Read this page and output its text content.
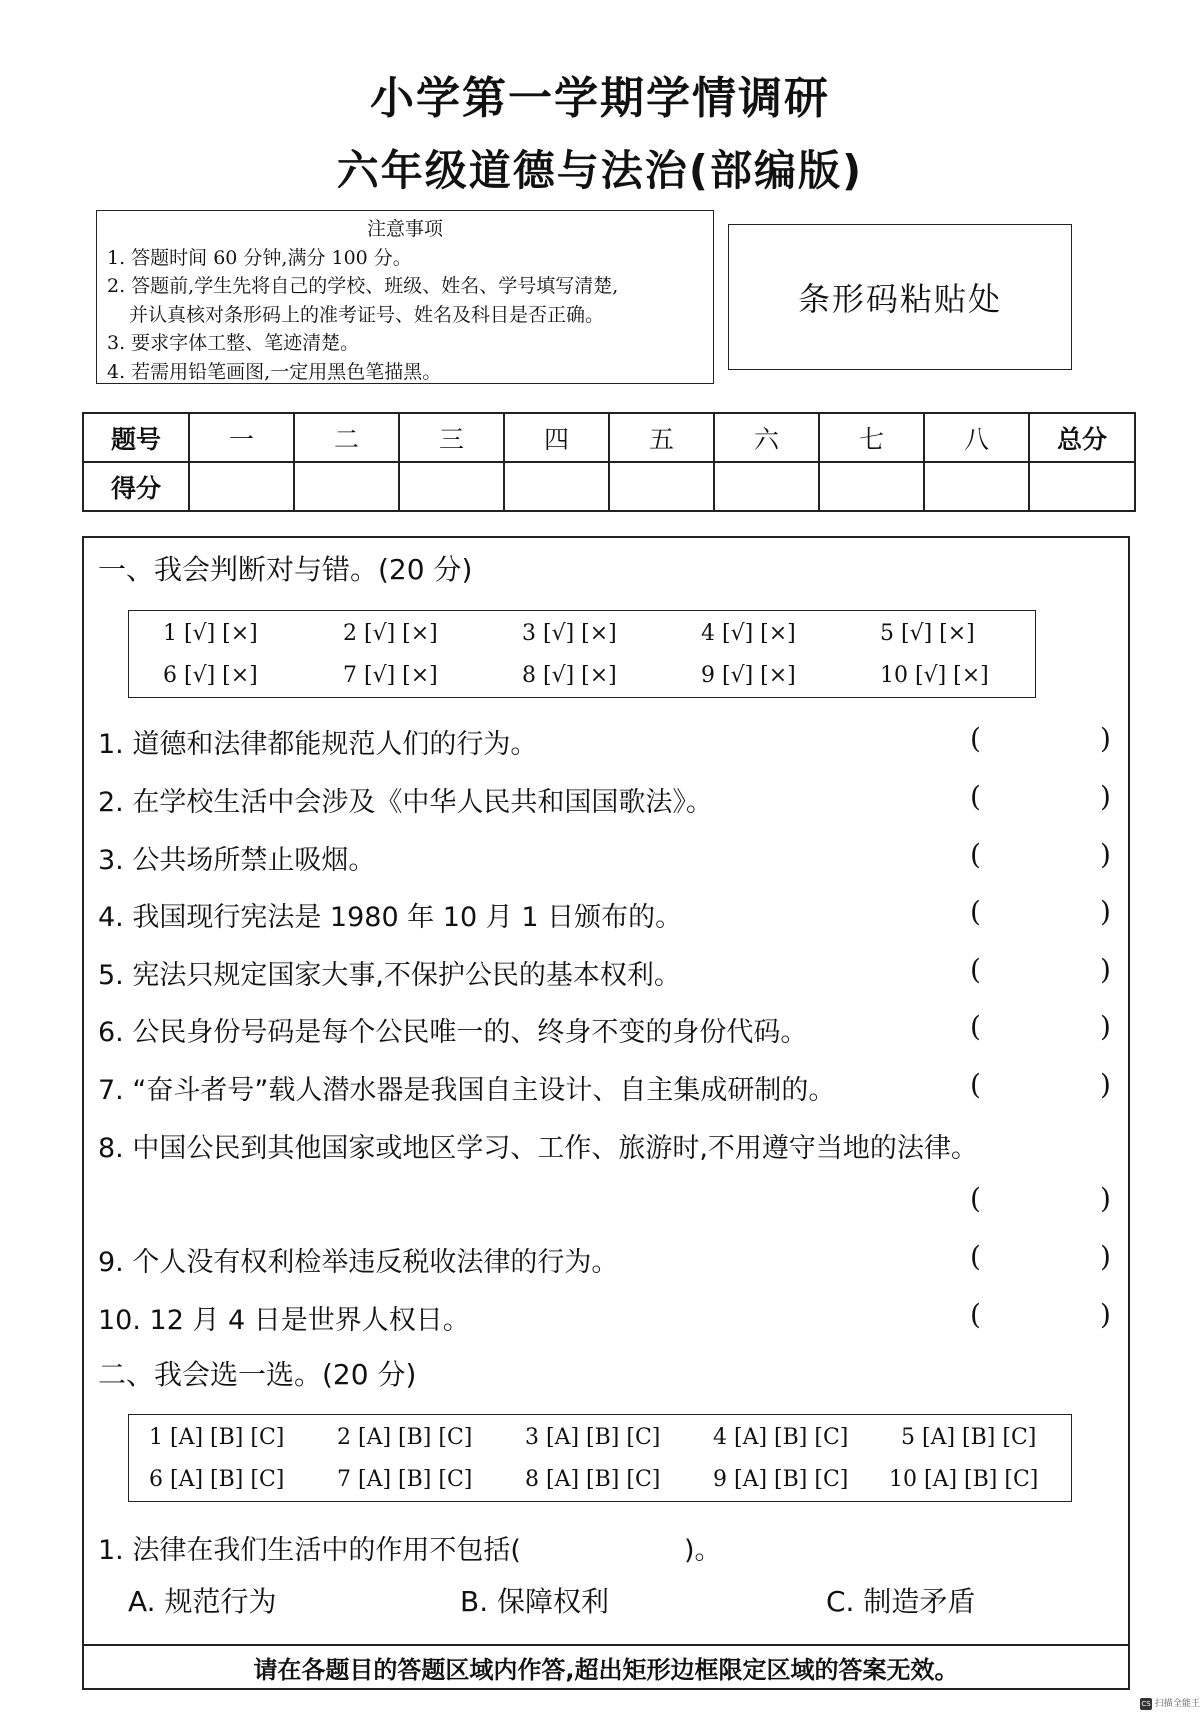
小学第一学期学情调研
六年级道德与法治(部编版)
注意事项
1. 答题时间 60 分钟,满分 100 分。
2. 答题前,学生先将自己的学校、班级、姓名、学号填写清楚,
并认真核对条形码上的准考证号、姓名及科目是否正确。
3. 要求字体工整、笔迹清楚。
4. 若需用铅笔画图,一定用黑色笔描黑。
条形码粘贴处
题号	一	二	三	四	五	六	七	八	总分
得分									
一、我会判断对与错。(20 分)
1 [√] [×]	2 [√] [×]	3 [√] [×]	4 [√] [×]	5 [√] [×]
6 [√] [×]	7 [√] [×]	8 [√] [×]	9 [√] [×]	10 [√] [×]
1. 道德和法律都能规范人们的行为。	(	)
2. 在学校生活中会涉及《中华人民共和国国歌法》。	(	)
3. 公共场所禁止吸烟。	(	)
4. 我国现行宪法是 1980 年 10 月 1 日颁布的。	(	)
5. 宪法只规定国家大事,不保护公民的基本权利。	(	)
6. 公民身份号码是每个公民唯一的、终身不变的身份代码。	(	)
7. “奋斗者号”载人潜水器是我国自主设计、自主集成研制的。	(	)
8. 中国公民到其他国家或地区学习、工作、旅游时,不用遵守当地的法律。
(	)
9. 个人没有权利检举违反税收法律的行为。	(	)
10. 12 月 4 日是世界人权日。	(	)
二、我会选一选。(20 分)
1 [A] [B] [C] 2 [A] [B] [C] 3 [A] [B] [C] 4 [A] [B] [C] 5 [A] [B] [C]
6 [A] [B] [C] 7 [A] [B] [C] 8 [A] [B] [C] 9 [A] [B] [C] 10 [A] [B] [C]
1. 法律在我们生活中的作用不包括(	)。
A. 规范行为	B. 保障权利	C. 制造矛盾
请在各题目的答题区域内作答,超出矩形边框限定区域的答案无效。
CS 扫描全能王
